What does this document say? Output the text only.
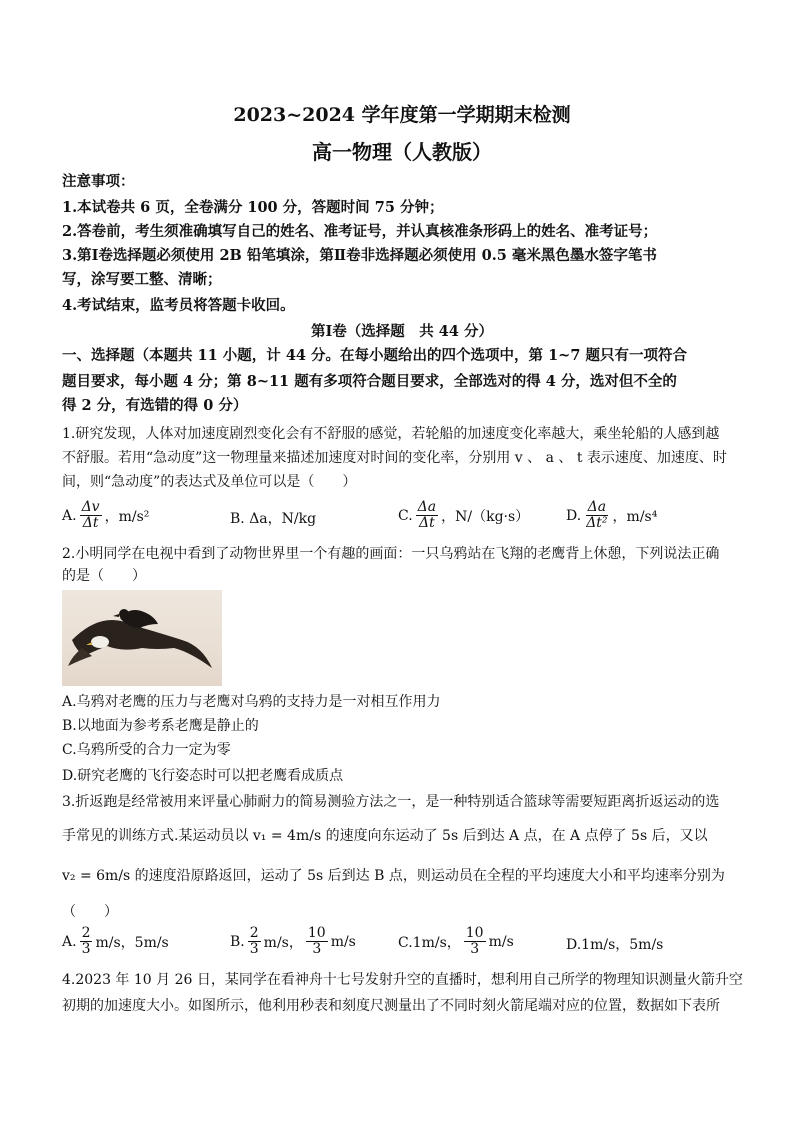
2023~2024 学年度第一学期期末检测
高一物理（人教版）
注意事项：
1.本试卷共 6 页，全卷满分 100 分，答题时间 75 分钟；
2.答卷前，考生须准确填写自己的姓名、准考证号，并认真核准条形码上的姓名、准考证号；
3.第Ⅰ卷选择题必须使用 2B 铅笔填涂，第Ⅱ卷非选择题必须使用 0.5 毫米黑色墨水签字笔书
写，涂写要工整、清晰；
4.考试结束，监考员将答题卡收回。
第Ⅰ卷（选择题　共 44 分）
一、选择题（本题共 11 小题，计 44 分。在每小题给出的四个选项中，第 1~7 题只有一项符合
题目要求，每小题 4 分；第 8~11 题有多项符合题目要求，全部选对的得 4 分，选对但不全的
得 2 分，有选错的得 0 分）
1.研究发现，人体对加速度剧烈变化会有不舒服的感觉，若轮船的加速度变化率越大，乘坐轮船的人感到越
不舒服。若用“急动度”这一物理量来描述加速度对时间的变化率，分别用 v 、 a 、 t 表示速度、加速度、时
间，则“急动度”的表达式及单位可以是（　　）
A. $\frac{\Delta v}{\Delta t}$ ，m/s²	B. Δa，N/kg	C. $\frac{\Delta a}{\Delta t}$ ，N/（kg·s）	D. $\frac{\Delta a}{\text{Δt²}}$ ，m/s⁴
2.小明同学在电视中看到了动物世界里一个有趣的画面：一只乌鸦站在飞翔的老鹰背上休憩，下列说法正确
的是（　　）
A.乌鸦对老鹰的压力与老鹰对乌鸦的支持力是一对相互作用力
B.以地面为参考系老鹰是静止的
C.乌鸦所受的合力一定为零
D.研究老鹰的飞行姿态时可以把老鹰看成质点
3.折返跑是经常被用来评量心肺耐力的简易测验方法之一，是一种特别适合篮球等需要短距离折返运动的选
手常见的训练方式.某运动员以 v₁ = 4m/s 的速度向东运动了 5s 后到达 A 点，在 A 点停了 5s 后，又以
v₂ = 6m/s 的速度沿原路返回，运动了 5s 后到达 B 点，则运动员在全程的平均速度大小和平均速率分别为
（　　）
A. $\frac{2}{3} m/s$，5m/s	B. $\frac{2}{3} m/s$， $\frac{10}{3} m/s$	C.1m/s， $\frac{10}{3} m/s$	D.1m/s，5m/s
4.2023 年 10 月 26 日，某同学在看神舟十七号发射升空的直播时，想利用自己所学的物理知识测量火箭升空
初期的加速度大小。如图所示，他利用秒表和刻度尺测量出了不同时刻火箭尾端对应的位置，数据如下表所
